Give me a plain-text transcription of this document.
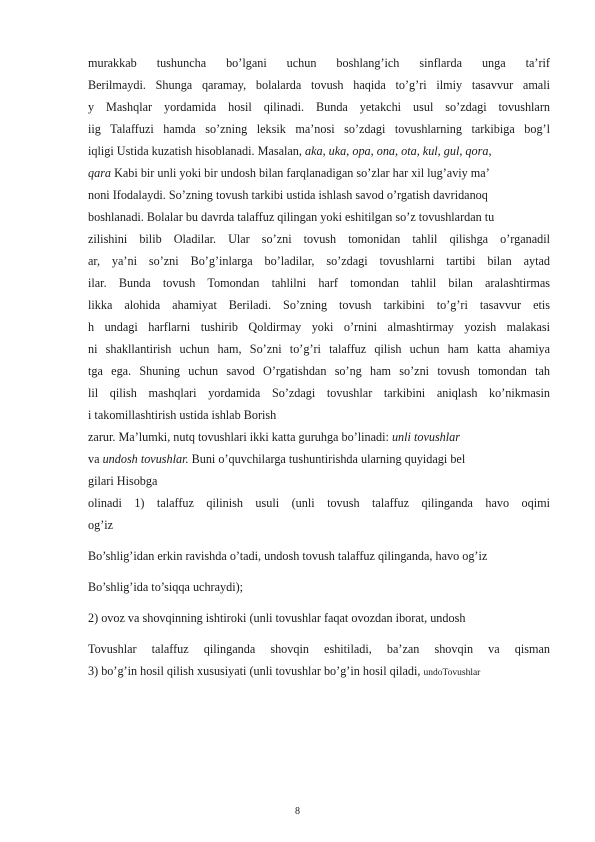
murakkab tushuncha bo’lgani uchun boshlang’ich sinflarda unga ta’rif
Berilmaydi. Shunga qaramay, bolalarda tovush haqida to’g’ri ilmiy tasavvur amali
y Mashqlar yordamida hosil qilinadi. Bunda yetakchi usul so’zdagi tovushlarn
iig Talaffuzi hamda so’zning leksik ma’nosi so’zdagi tovushlarning tarkibiga bog’l
iqligi Ustida kuzatish hisoblanadi. Masalan, aka, uka, opa, ona, ota, kul, gul, qora,
qara Kabi bir unli yoki bir undosh bilan farqlanadigan so’zlar har xil lug’aviy ma’
noni Ifodalaydi. So’zning tovush tarkibi ustida ishlash savod o’rgatish davridanoq
boshlanadi. Bolalar bu davrda talaffuz qilingan yoki eshitilgan so’z tovushlardan tu
zilishini bilib Oladilar. Ular so’zni tovush tomonidan tahlil qilishga o’rganadil
ar, ya’ni so’zni Bo’g’inlarga bo’ladilar, so’zdagi tovushlarni tartibi bilan aytad
ilar. Bunda tovush Tomondan tahlilni harf tomondan tahlil bilan aralashtirmas
likka alohida ahamiyat Beriladi. So’zning tovush tarkibini to’g’ri tasavvur etis
h undagi harflarni tushirib Qoldirmay yoki o’rnini almashtirmay yozish malakasi
ni shakllantirish uchun ham, So’zni to’g’ri talaffuz qilish uchun ham katta ahamiya
tga ega. Shuning uchun savod O’rgatishdan so’ng ham so’zni tovush tomondan tah
lil qilish mashqlari yordamida So’zdagi tovushlar tarkibini aniqlash ko’nikmasin
i takomillashtirish ustida ishlab Borish
zarur. Ma’lumki, nutq tovushlari ikki katta guruhga bo’linadi: unli tovushlar
va undosh tovushlar. Buni o’quvchilarga tushuntirishda ularning quyidagi bel
gilari Hisobga
olinadi 1) talaffuz qilinish usuli (unli tovush talaffuz qilinganda havo oqimi
og’iz
Bo’shlig’idan erkin ravishda o’tadi, undosh tovush talaffuz qilinganda, havo og’iz
Bo’shlig’ida to’siqqa uchraydi);
2) ovoz va shovqinning ishtiroki (unli tovushlar faqat ovozdan iborat, undosh
Tovushlar talaffuz qilinganda shovqin eshitiladi, ba’zan shovqin va qisman
3) bo’g’in hosil qilish xususiyati (unli tovushlar bo’g’in hosil qiladi, undoTovushlar
8
